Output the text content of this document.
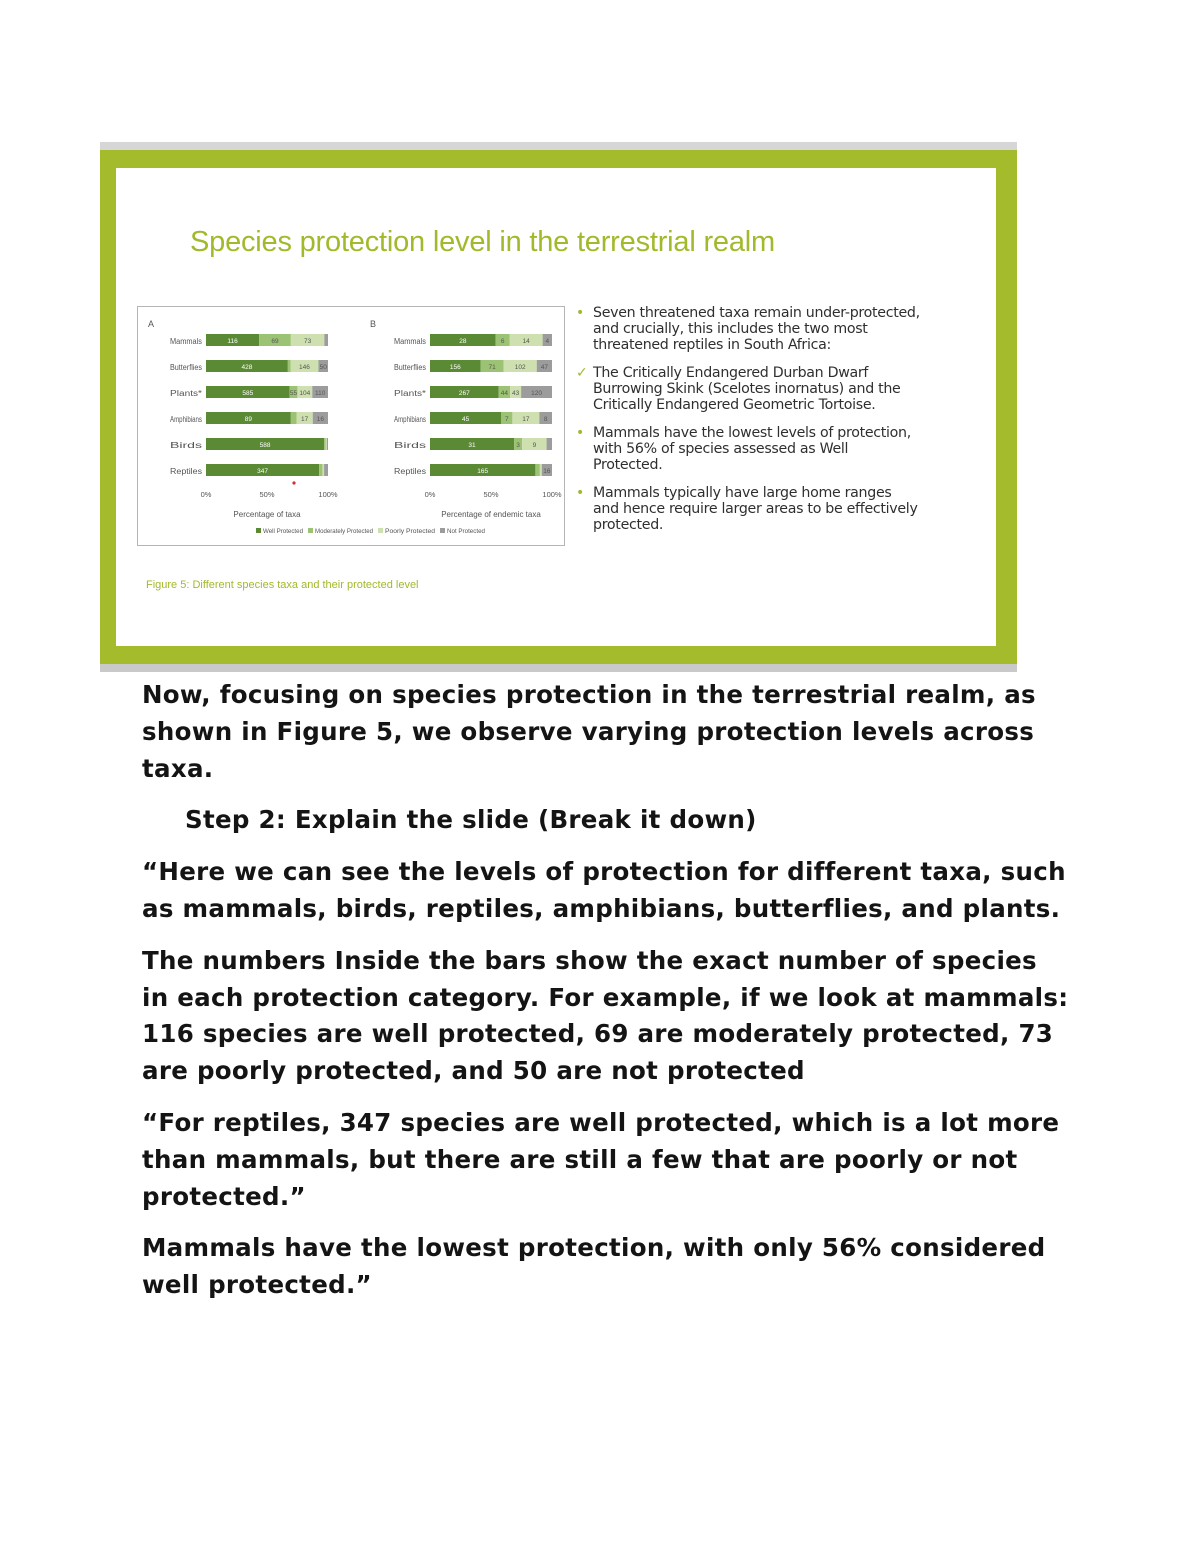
Species protection level in the terrestrial realm
A
Mammals	116	69	73
Butterflies	428	146 50
Plants*	585	55 104 110
Amphibians	89	17 16
Birds	588
Reptiles	347
0%	50%	100%
Percentage of taxa
B
Mammals	28	6	14 4
Butterflies	156	71	102 47
Plants*	267	44 43 120
Amphibians	45	7 17 8
Birds	31	3 9
Reptiles	165	16
0%	50%	100%
Percentage of endemic taxa
Well Protected Moderately Protected Poorly Protected Not Protected
• Seven threatened taxa remain under-protected, and crucially, this includes the two most threatened reptiles in South Africa:
✓ The Critically Endangered Durban Dwarf Burrowing Skink (Scelotes inornatus) and the Critically Endangered Geometric Tortoise.
• Mammals have the lowest levels of protection, with 56% of species assessed as Well Protected.
• Mammals typically have large home ranges and hence require larger areas to be effectively protected.
Figure 5: Different species taxa and their protected level

Now, focusing on species protection in the terrestrial realm, as shown in Figure 5, we observe varying protection levels across taxa.

Step 2: Explain the slide (Break it down)

“Here we can see the levels of protection for different taxa, such as mammals, birds, reptiles, amphibians, butterflies, and plants.

The numbers Inside the bars show the exact number of species in each protection category. For example, if we look at mammals: 116 species are well protected, 69 are moderately protected, 73 are poorly protected, and 50 are not protected

“For reptiles, 347 species are well protected, which is a lot more than mammals, but there are still a few that are poorly or not protected.”

Mammals have the lowest protection, with only 56% considered well protected.”
